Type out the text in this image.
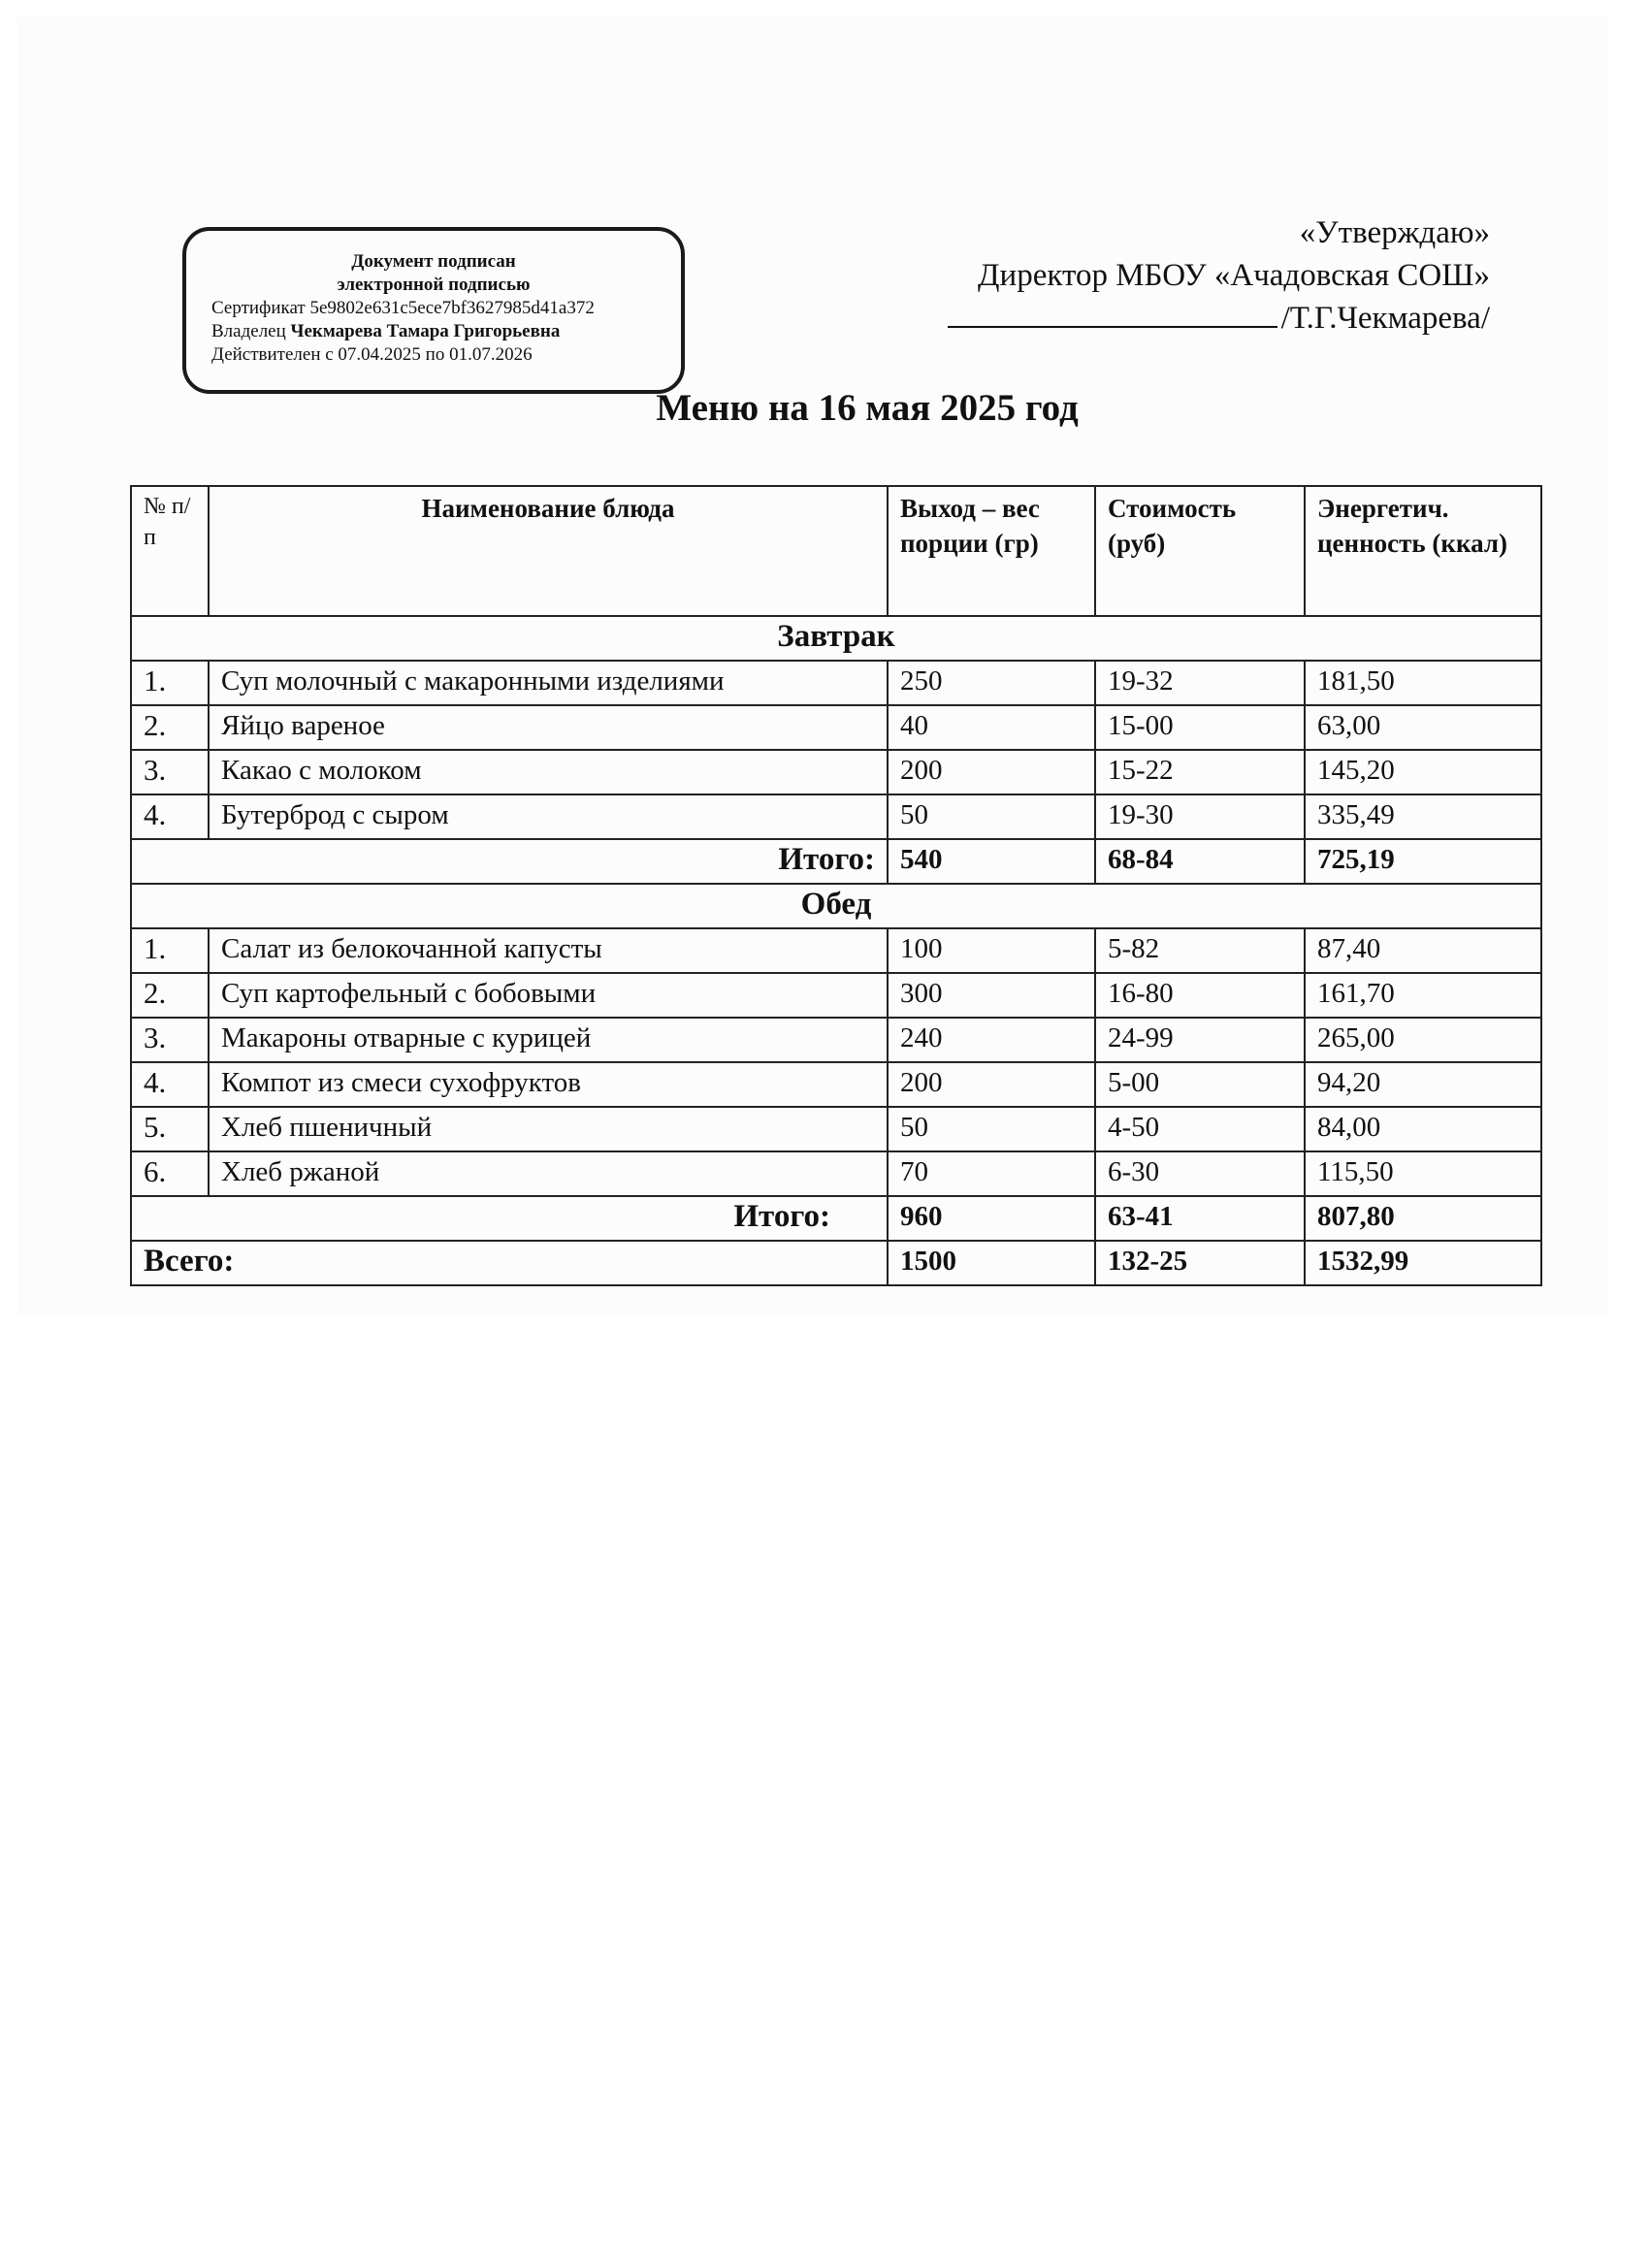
Документ подписан
электронной подписью
Сертификат 5e9802e631c5ece7bf3627985d41a372
Владелец Чекмарева Тамара Григорьевна
Действителен с 07.04.2025 по 01.07.2026
«Утверждаю»
Директор МБОУ «Ачадовская СОШ»
/Т.Г.Чекмарева/
Меню на 16 мая 2025 год
№ п/п	Наименование блюда	Выход – вес порции (гр)	Стоимость (руб)	Энергетич. ценность (ккал)
Завтрак				
1.	Суп молочный с макаронными изделиями	250	19-32	181,50
2.	Яйцо вареное	40	15-00	63,00
3.	Какао с молоком	200	15-22	145,20
4.	Бутерброд с сыром	50	19-30	335,49
Итого:		540	68-84	725,19
Обед				
1.	Салат из белокочанной капусты	100	5-82	87,40
2.	Суп картофельный с бобовыми	300	16-80	161,70
3.	Макароны отварные с курицей	240	24-99	265,00
4.	Компот из смеси сухофруктов	200	5-00	94,20
5.	Хлеб пшеничный	50	4-50	84,00
6.	Хлеб ржаной	70	6-30	115,50
Итого:		960	63-41	807,80
Всего:		1500	132-25	1532,99
